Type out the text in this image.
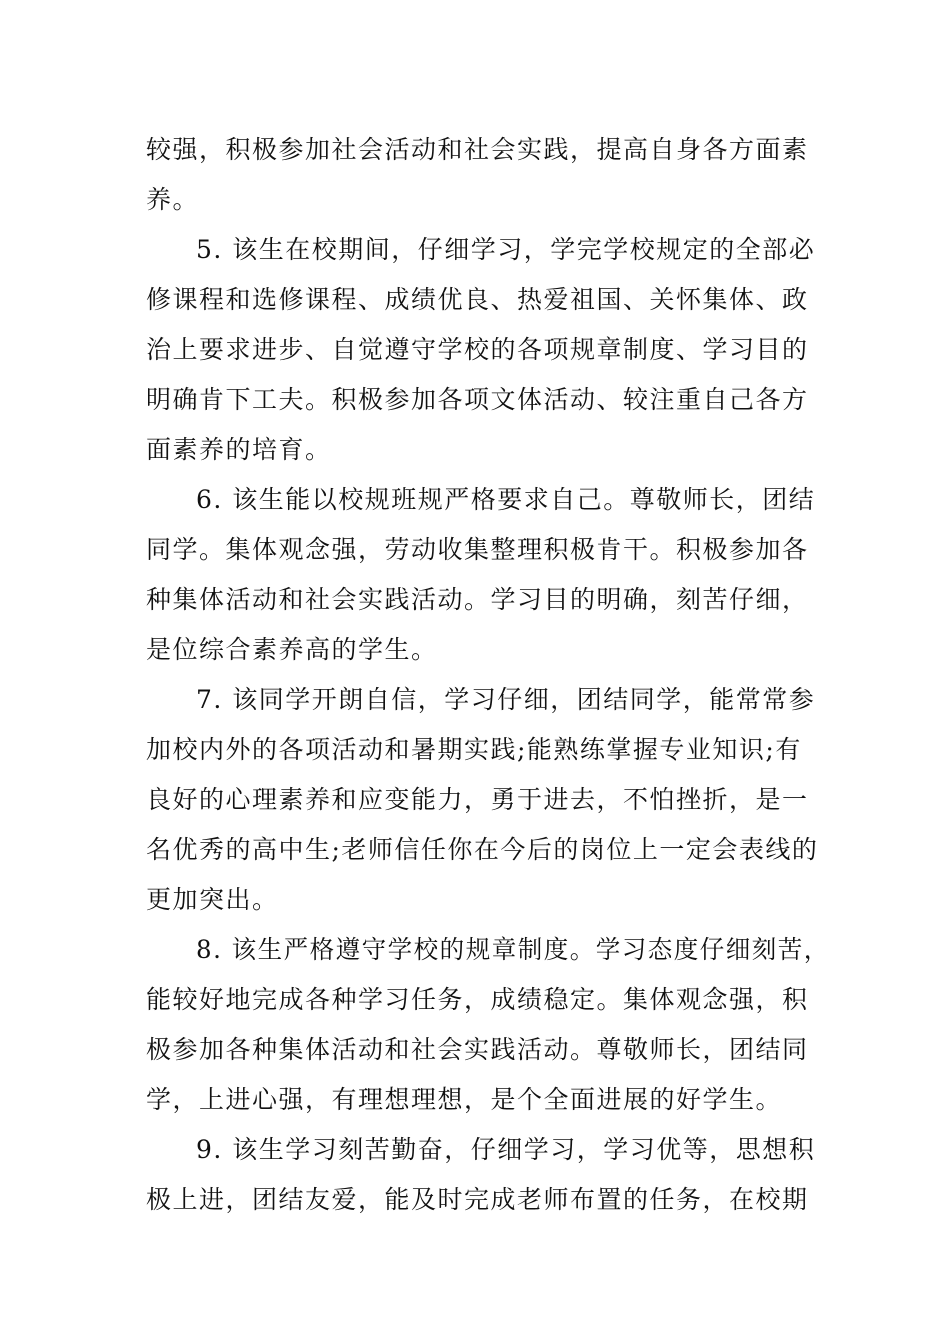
较强，积极参加社会活动和社会实践，提高自身各方面素
养。
5. 该生在校期间，仔细学习，学完学校规定的全部必
修课程和选修课程、成绩优良、热爱祖国、关怀集体、政
治上要求进步、自觉遵守学校的各项规章制度、学习目的
明确肯下工夫。积极参加各项文体活动、较注重自己各方
面素养的培育。
6. 该生能以校规班规严格要求自己。尊敬师长，团结
同学。集体观念强，劳动收集整理积极肯干。积极参加各
种集体活动和社会实践活动。学习目的明确，刻苦仔细，
是位综合素养高的学生。
7. 该同学开朗自信，学习仔细，团结同学，能常常参
加校内外的各项活动和暑期实践;能熟练掌握专业知识;有
良好的心理素养和应变能力，勇于进去，不怕挫折，是一
名优秀的高中生;老师信任你在今后的岗位上一定会表线的
更加突出。
8. 该生严格遵守学校的规章制度。学习态度仔细刻苦，
能较好地完成各种学习任务，成绩稳定。集体观念强，积
极参加各种集体活动和社会实践活动。尊敬师长，团结同
学，上进心强，有理想理想，是个全面进展的好学生。
9. 该生学习刻苦勤奋，仔细学习，学习优等，思想积
极上进，团结友爱，能及时完成老师布置的任务，在校期
